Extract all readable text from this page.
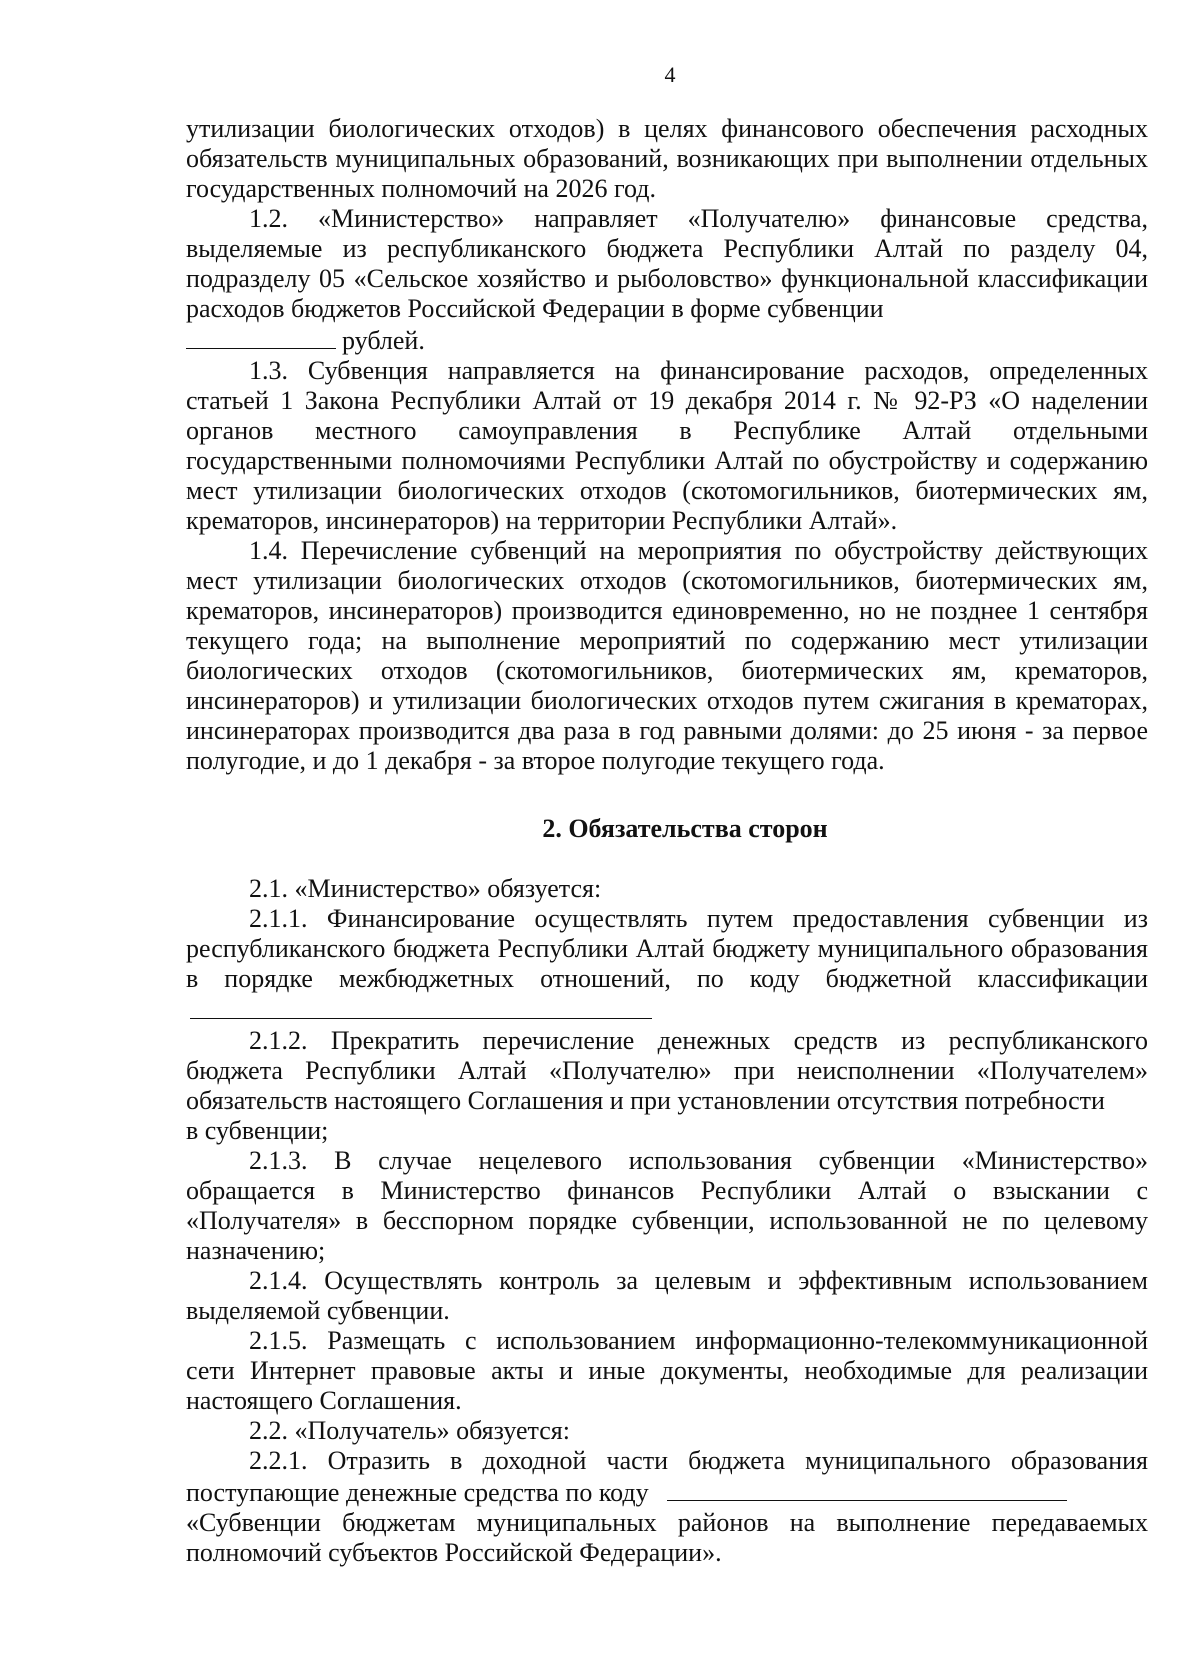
4

утилизации биологических отходов) в целях финансового обеспечения расходных обязательств муниципальных образований, возникающих при выполнении отдельных государственных полномочий на 2026 год.

1.2. «Министерство» направляет «Получателю» финансовые средства, выделяемые из республиканского бюджета Республики Алтай по разделу 04, подразделу 05 «Сельское хозяйство и рыболовство» функциональной классификации расходов бюджетов Российской Федерации в форме субвенции

рублей.

1.3. Субвенция направляется на финансирование расходов, определенных статьей 1 Закона Республики Алтай от 19 декабря 2014 г. № 92-РЗ «О наделении органов местного самоуправления в Республике Алтай отдельными государственными полномочиями Республики Алтай по обустройству и содержанию мест утилизации биологических отходов (скотомогильников, биотермических ям, крематоров, инсинераторов) на территории Республики Алтай».

1.4. Перечисление субвенций на мероприятия по обустройству действующих мест утилизации биологических отходов (скотомогильников, биотермических ям, крематоров, инсинераторов) производится единовременно, но не позднее 1 сентября текущего года; на выполнение мероприятий по содержанию мест утилизации биологических отходов (скотомогильников, биотермических ям, крематоров, инсинераторов) и утилизации биологических отходов путем сжигания в крематорах, инсинераторах производится два раза в год равными долями: до 25 июня - за первое полугодие, и до 1 декабря - за второе полугодие текущего года.

2. Обязательства сторон

2.1. «Министерство» обязуется:

2.1.1. Финансирование осуществлять путем предоставления субвенции из республиканского бюджета Республики Алтай бюджету муниципального образования в порядке межбюджетных отношений, по коду бюджетной классификации

2.1.2. Прекратить перечисление денежных средств из республиканского бюджета Республики Алтай «Получателю» при неисполнении «Получателем» обязательств настоящего Соглашения и при установлении отсутствия потребности

в субвенции;

2.1.3. В случае нецелевого использования субвенции «Министерство» обращается в Министерство финансов Республики Алтай о взыскании с «Получателя» в бесспорном порядке субвенции, использованной не по целевому назначению;

2.1.4. Осуществлять контроль за целевым и эффективным использованием выделяемой субвенции.

2.1.5. Размещать с использованием информационно-телекоммуникационной сети Интернет правовые акты и иные документы, необходимые для реализации настоящего Соглашения.

2.2. «Получатель» обязуется:

2.2.1. Отразить в доходной части бюджета муниципального образования поступающие денежные средства по коду

«Субвенции бюджетам муниципальных районов на выполнение передаваемых полномочий субъектов Российской Федерации».
